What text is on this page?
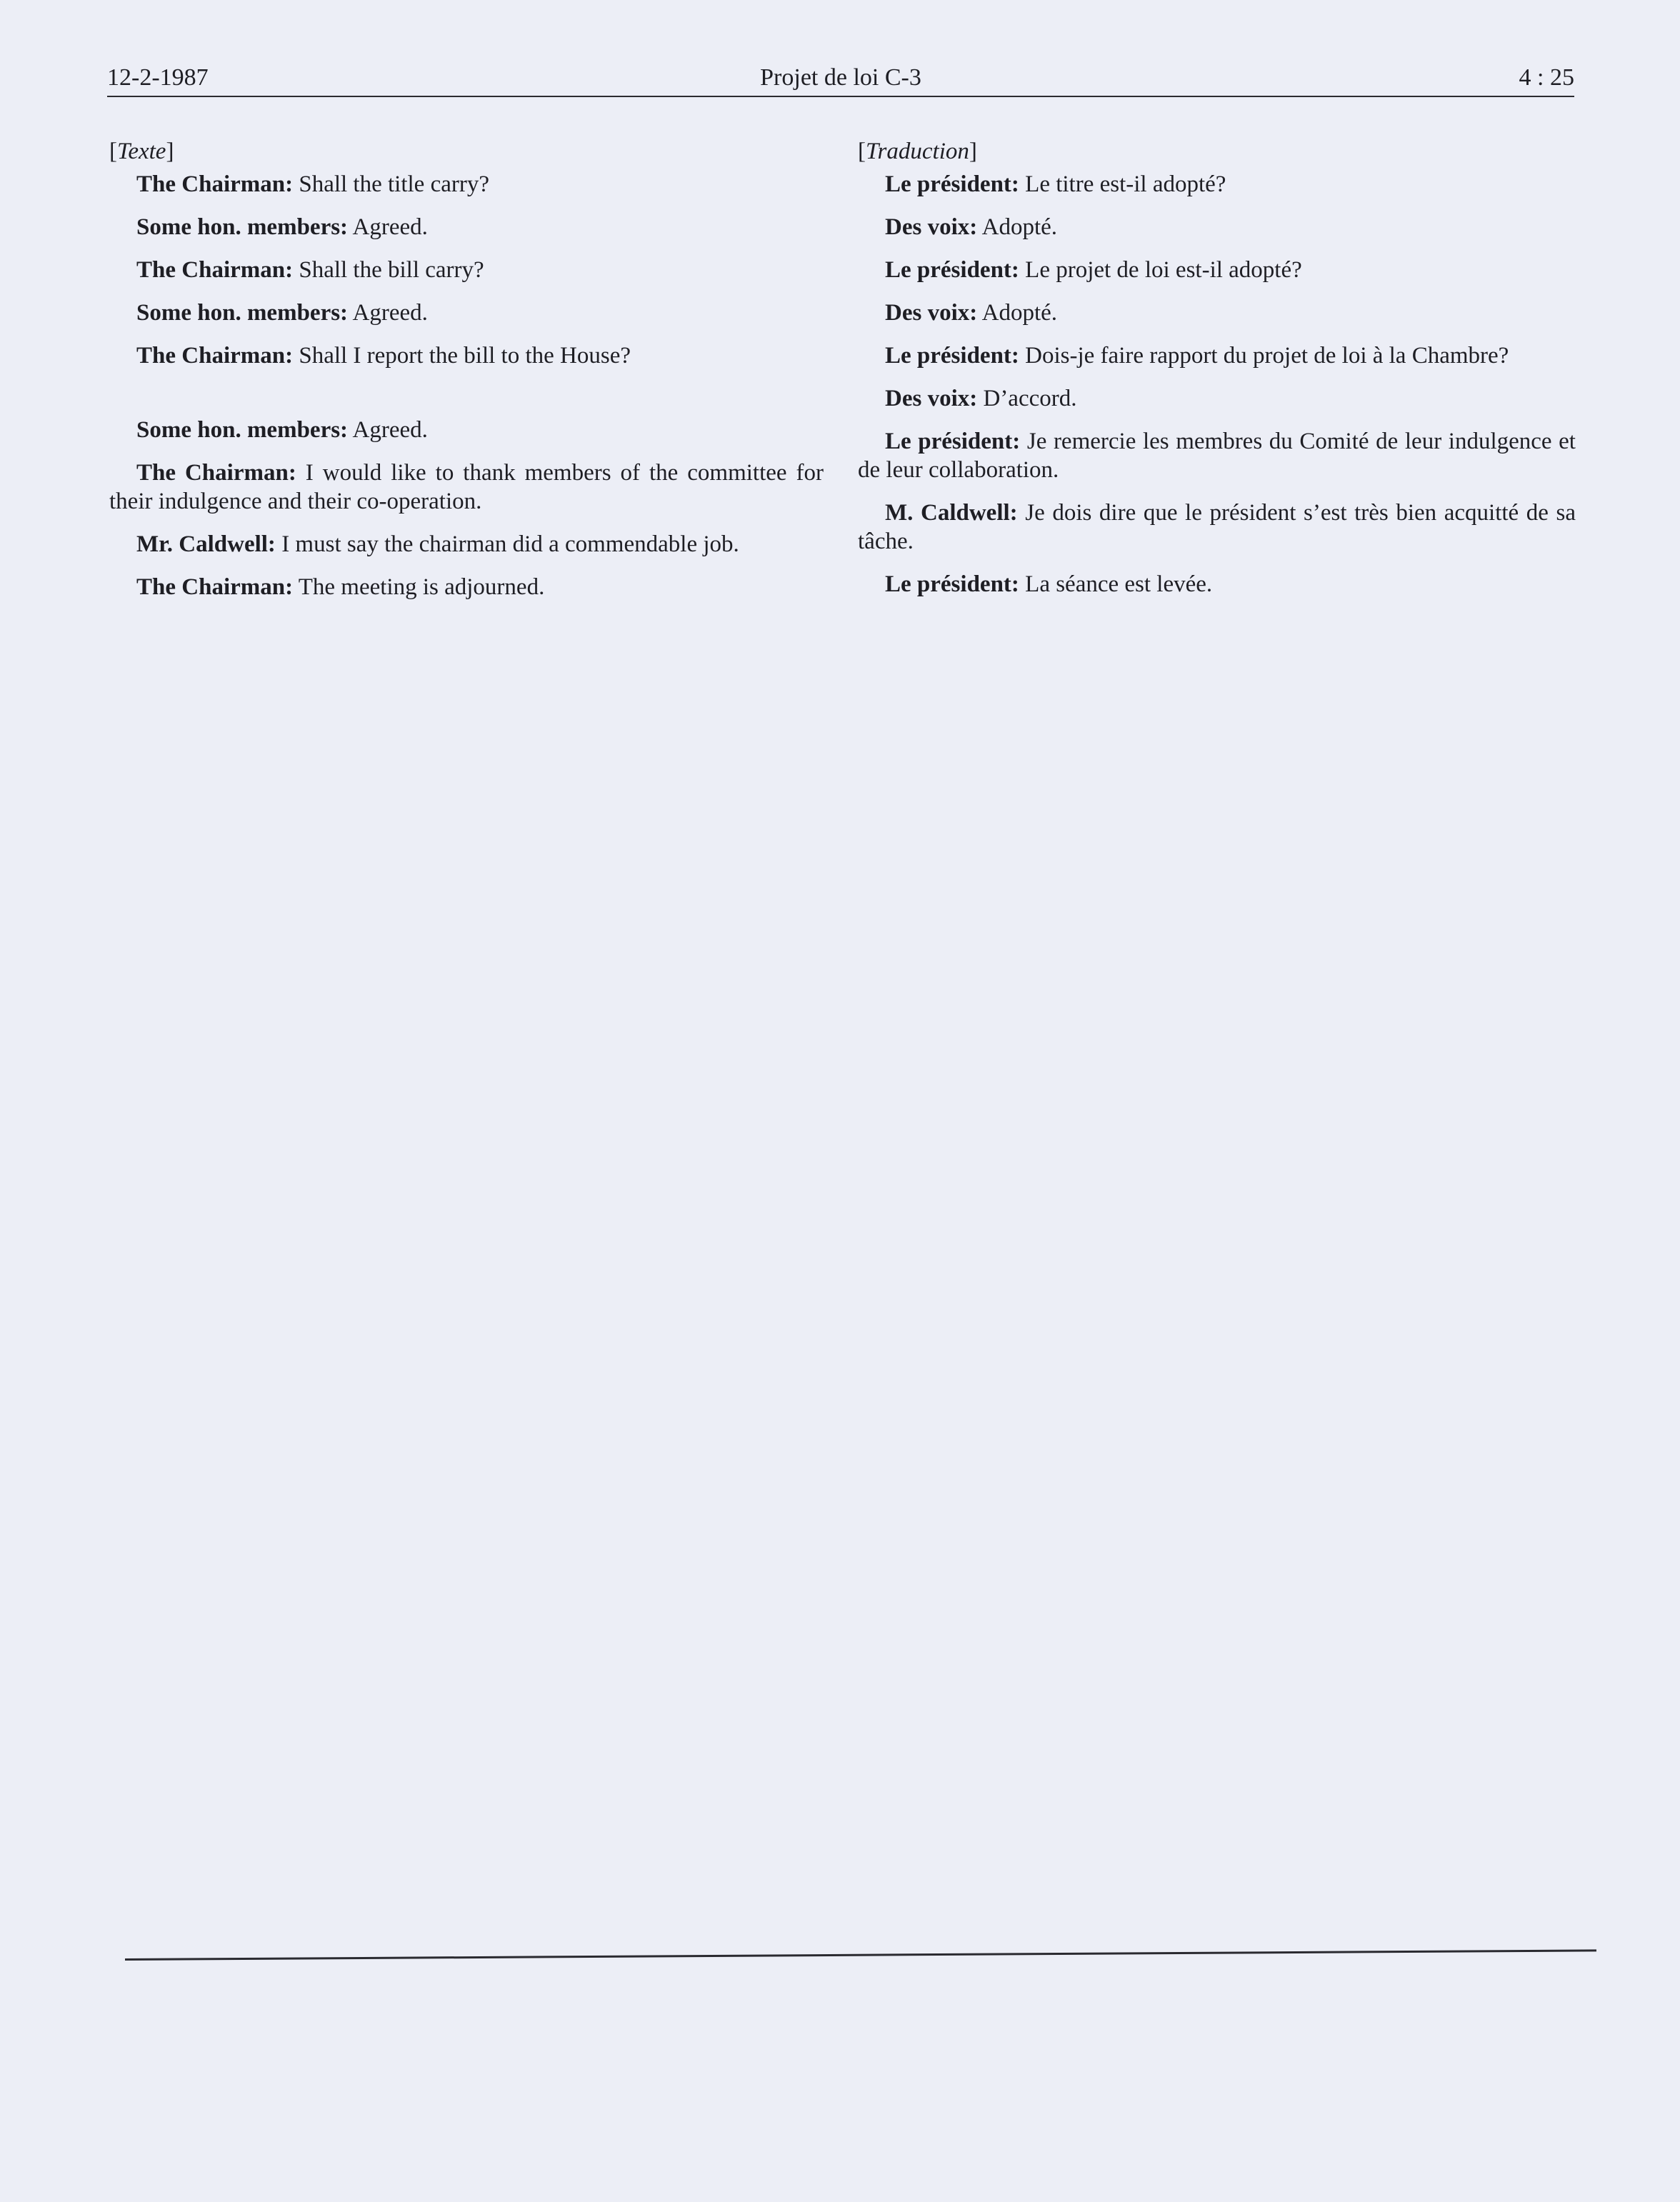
12-2-1987	Projet de loi C-3	4 : 25

[Texte]

The Chairman: Shall the title carry?

Some hon. members: Agreed.

The Chairman: Shall the bill carry?

Some hon. members: Agreed.

The Chairman: Shall I report the bill to the House?

Some hon. members: Agreed.

The Chairman: I would like to thank members of the committee for their indulgence and their co-operation.

Mr. Caldwell: I must say the chairman did a commendable job.

The Chairman: The meeting is adjourned.

[Traduction]

Le président: Le titre est-il adopté?

Des voix: Adopté.

Le président: Le projet de loi est-il adopté?

Des voix: Adopté.

Le président: Dois-je faire rapport du projet de loi à la Chambre?

Des voix: D’accord.

Le président: Je remercie les membres du Comité de leur indulgence et de leur collaboration.

M. Caldwell: Je dois dire que le président s’est très bien acquitté de sa tâche.

Le président: La séance est levée.
